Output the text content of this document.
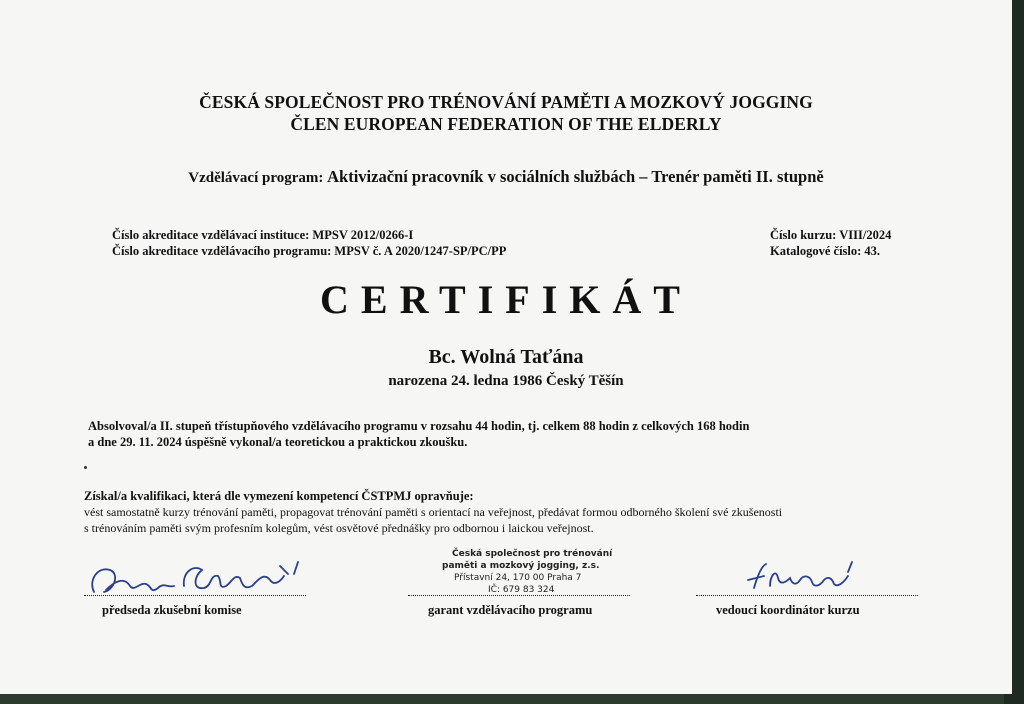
ČESKÁ SPOLEČNOST PRO TRÉNOVÁNÍ PAMĚTI A MOZKOVÝ JOGGING
ČLEN EUROPEAN FEDERATION OF THE ELDERLY
Vzdělávací program: Aktivizační pracovník v sociálních službách – Trenér paměti II. stupně
Číslo akreditace vzdělávací instituce: MPSV 2012/0266-I
Číslo akreditace vzdělávacího programu: MPSV č. A 2020/1247-SP/PC/PP
Číslo kurzu: VIII/2024
Katalogové číslo: 43.
CERTIFIKÁT
Bc. Wolná Taťána
narozena 24. ledna 1986 Český Těšín
Absolvoval/a II. stupeň třístupňového vzdělávacího programu v rozsahu 44 hodin, tj. celkem 88 hodin z celkových 168 hodin
a dne 29. 11. 2024 úspěšně vykonal/a teoretickou a praktickou zkoušku.
Získal/a kvalifikaci, která dle vymezení kompetencí ČSTPMJ opravňuje:
vést samostatně kurzy trénování paměti, propagovat trénování paměti s orientací na veřejnost, předávat formou odborného školení své zkušenosti
s trénováním paměti svým profesním kolegům, vést osvětové přednášky pro odbornou i laickou veřejnost.
předseda zkušební komise
Česká společnost pro trénování
paměti a mozkový jogging, z.s.
Přístavní 24, 170 00 Praha 7
IČ: 679 83 324
garant vzdělávacího programu	vedoucí koordinátor kurzu
